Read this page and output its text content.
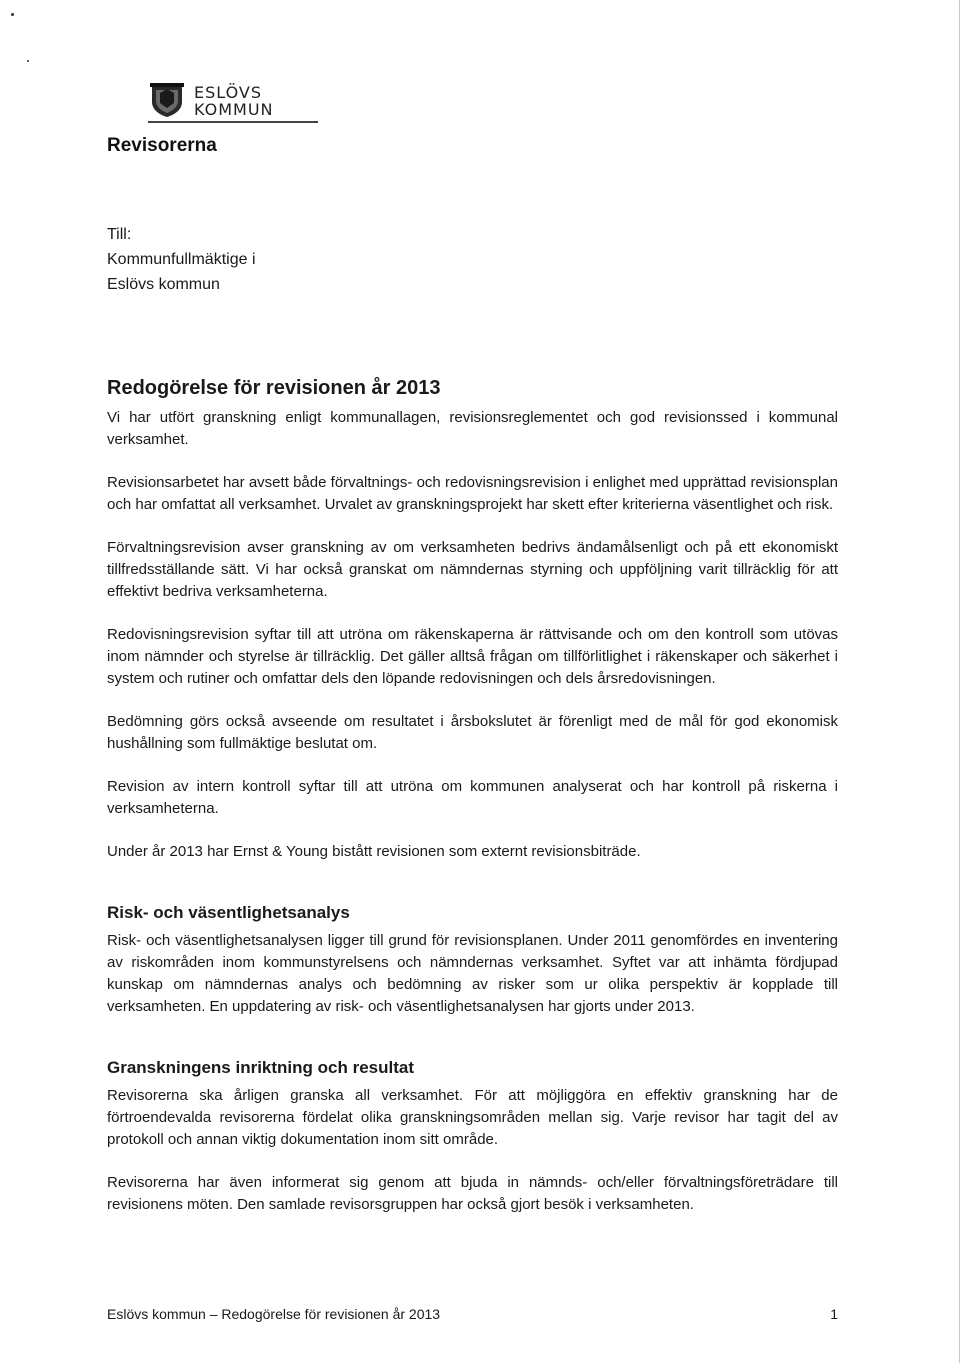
ESLÖVS
KOMMUN
Revisorerna
Till:
Kommunfullmäktige i
Eslövs kommun
Redogörelse för revisionen år 2013

Vi har utfört granskning enligt kommunallagen, revisionsreglementet och god revisionssed i kommunal verksamhet.

Revisionsarbetet har avsett både förvaltnings- och redovisningsrevision i enlighet med upprättad revisionsplan och har omfattat all verksamhet. Urvalet av granskningsprojekt har skett efter kriterierna väsentlighet och risk.

Förvaltningsrevision avser granskning av om verksamheten bedrivs ändamålsenligt och på ett ekonomiskt tillfredsställande sätt. Vi har också granskat om nämndernas styrning och uppföljning varit tillräcklig för att effektivt bedriva verksamheterna.

Redovisningsrevision syftar till att utröna om räkenskaperna är rättvisande och om den kontroll som utövas inom nämnder och styrelse är tillräcklig. Det gäller alltså frågan om tillförlitlighet i räkenskaper och säkerhet i system och rutiner och omfattar dels den löpande redovisningen och dels årsredovisningen.

Bedömning görs också avseende om resultatet i årsbokslutet är förenligt med de mål för god ekonomisk hushållning som fullmäktige beslutat om.

Revision av intern kontroll syftar till att utröna om kommunen analyserat och har kontroll på riskerna i verksamheterna.

Under år 2013 har Ernst & Young bistått revisionen som externt revisionsbiträde.

Risk- och väsentlighetsanalys

Risk- och väsentlighetsanalysen ligger till grund för revisionsplanen. Under 2011 genomfördes en inventering av riskområden inom kommunstyrelsens och nämndernas verksamhet. Syftet var att inhämta fördjupad kunskap om nämndernas analys och bedömning av risker som ur olika perspektiv är kopplade till verksamheten. En uppdatering av risk- och väsentlighetsanalysen har gjorts under 2013.

Granskningens inriktning och resultat

Revisorerna ska årligen granska all verksamhet. För att möjliggöra en effektiv granskning har de förtroendevalda revisorerna fördelat olika granskningsområden mellan sig. Varje revisor har tagit del av protokoll och annan viktig dokumentation inom sitt område.

Revisorerna har även informerat sig genom att bjuda in nämnds- och/eller förvaltningsföreträdare till revisionens möten. Den samlade revisorsgruppen har också gjort besök i verksamheten.

Eslövs kommun – Redogörelse för revisionen år 2013	1
